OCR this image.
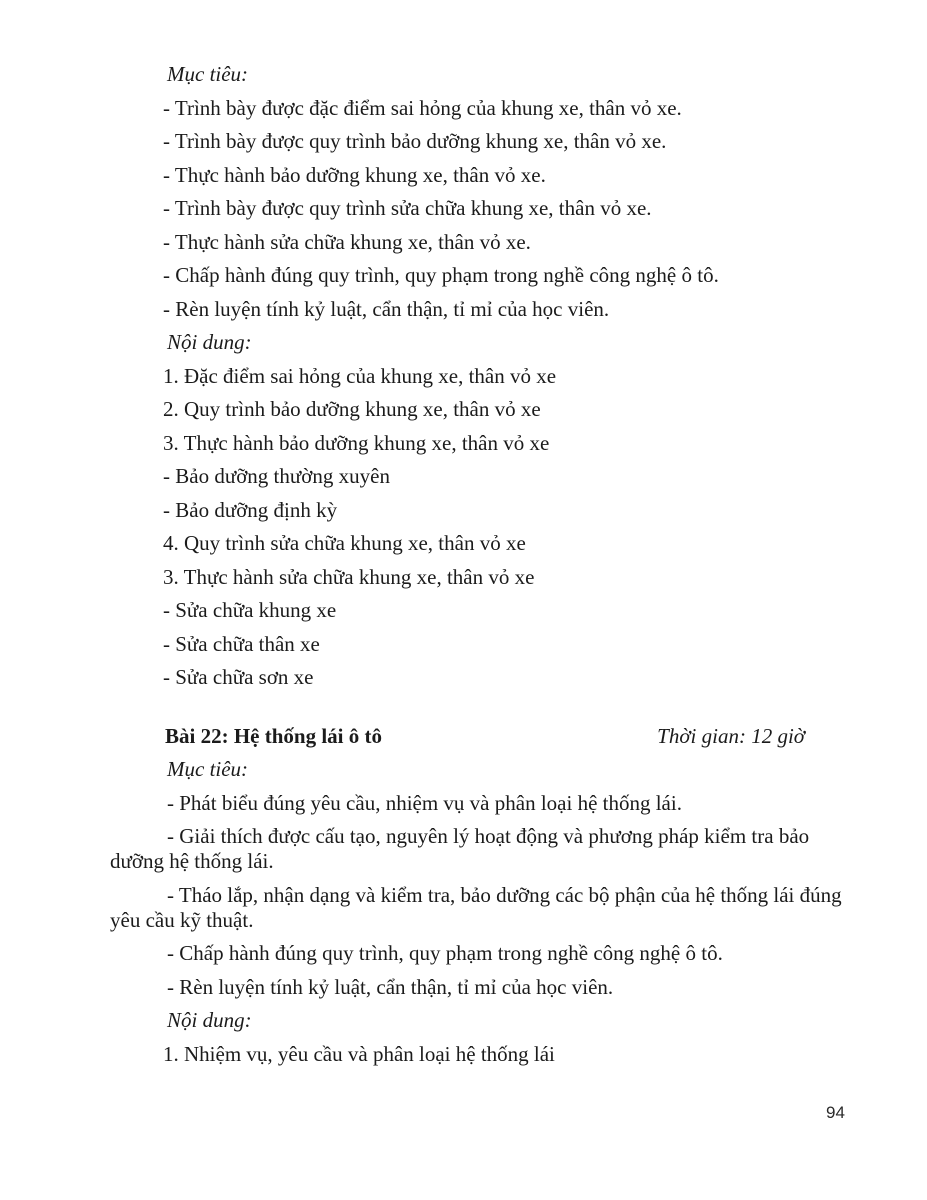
Mục tiêu:

- Trình bày được đặc điểm sai hỏng của khung xe, thân vỏ xe.

- Trình bày được quy trình bảo dưỡng khung xe, thân vỏ xe.

- Thực hành bảo dưỡng khung xe, thân vỏ xe.

- Trình bày được quy trình sửa chữa khung xe, thân vỏ xe.

- Thực hành sửa chữa khung xe, thân vỏ xe.

- Chấp hành đúng quy trình, quy phạm trong nghề công nghệ ô tô.

- Rèn luyện tính kỷ luật, cẩn thận, tỉ mỉ của học viên.

Nội dung:

1. Đặc điểm sai hỏng của khung xe, thân vỏ xe

2. Quy trình bảo dưỡng khung xe, thân vỏ xe

3. Thực hành bảo dưỡng khung xe, thân vỏ xe

- Bảo dưỡng thường xuyên

- Bảo dưỡng định kỳ

4. Quy trình sửa chữa khung xe, thân vỏ xe

3. Thực hành sửa chữa khung xe, thân vỏ xe

- Sửa chữa khung xe

- Sửa chữa thân xe

- Sửa chữa sơn xe

Bài 22: Hệ thống lái ô tô	Thời gian: 12 giờ

Mục tiêu:

- Phát biểu đúng yêu cầu, nhiệm vụ và phân loại hệ thống lái.

- Giải thích được cấu tạo, nguyên lý hoạt động và phương pháp kiểm tra bảo dưỡng hệ thống lái.

- Tháo lắp, nhận dạng và kiểm tra, bảo dưỡng các bộ phận của hệ thống lái đúng yêu cầu kỹ thuật.

- Chấp hành đúng quy trình, quy phạm trong nghề công nghệ ô tô.

- Rèn luyện tính kỷ luật, cẩn thận, tỉ mỉ của học viên.

Nội dung:

1. Nhiệm vụ, yêu cầu và phân loại hệ thống lái

94
